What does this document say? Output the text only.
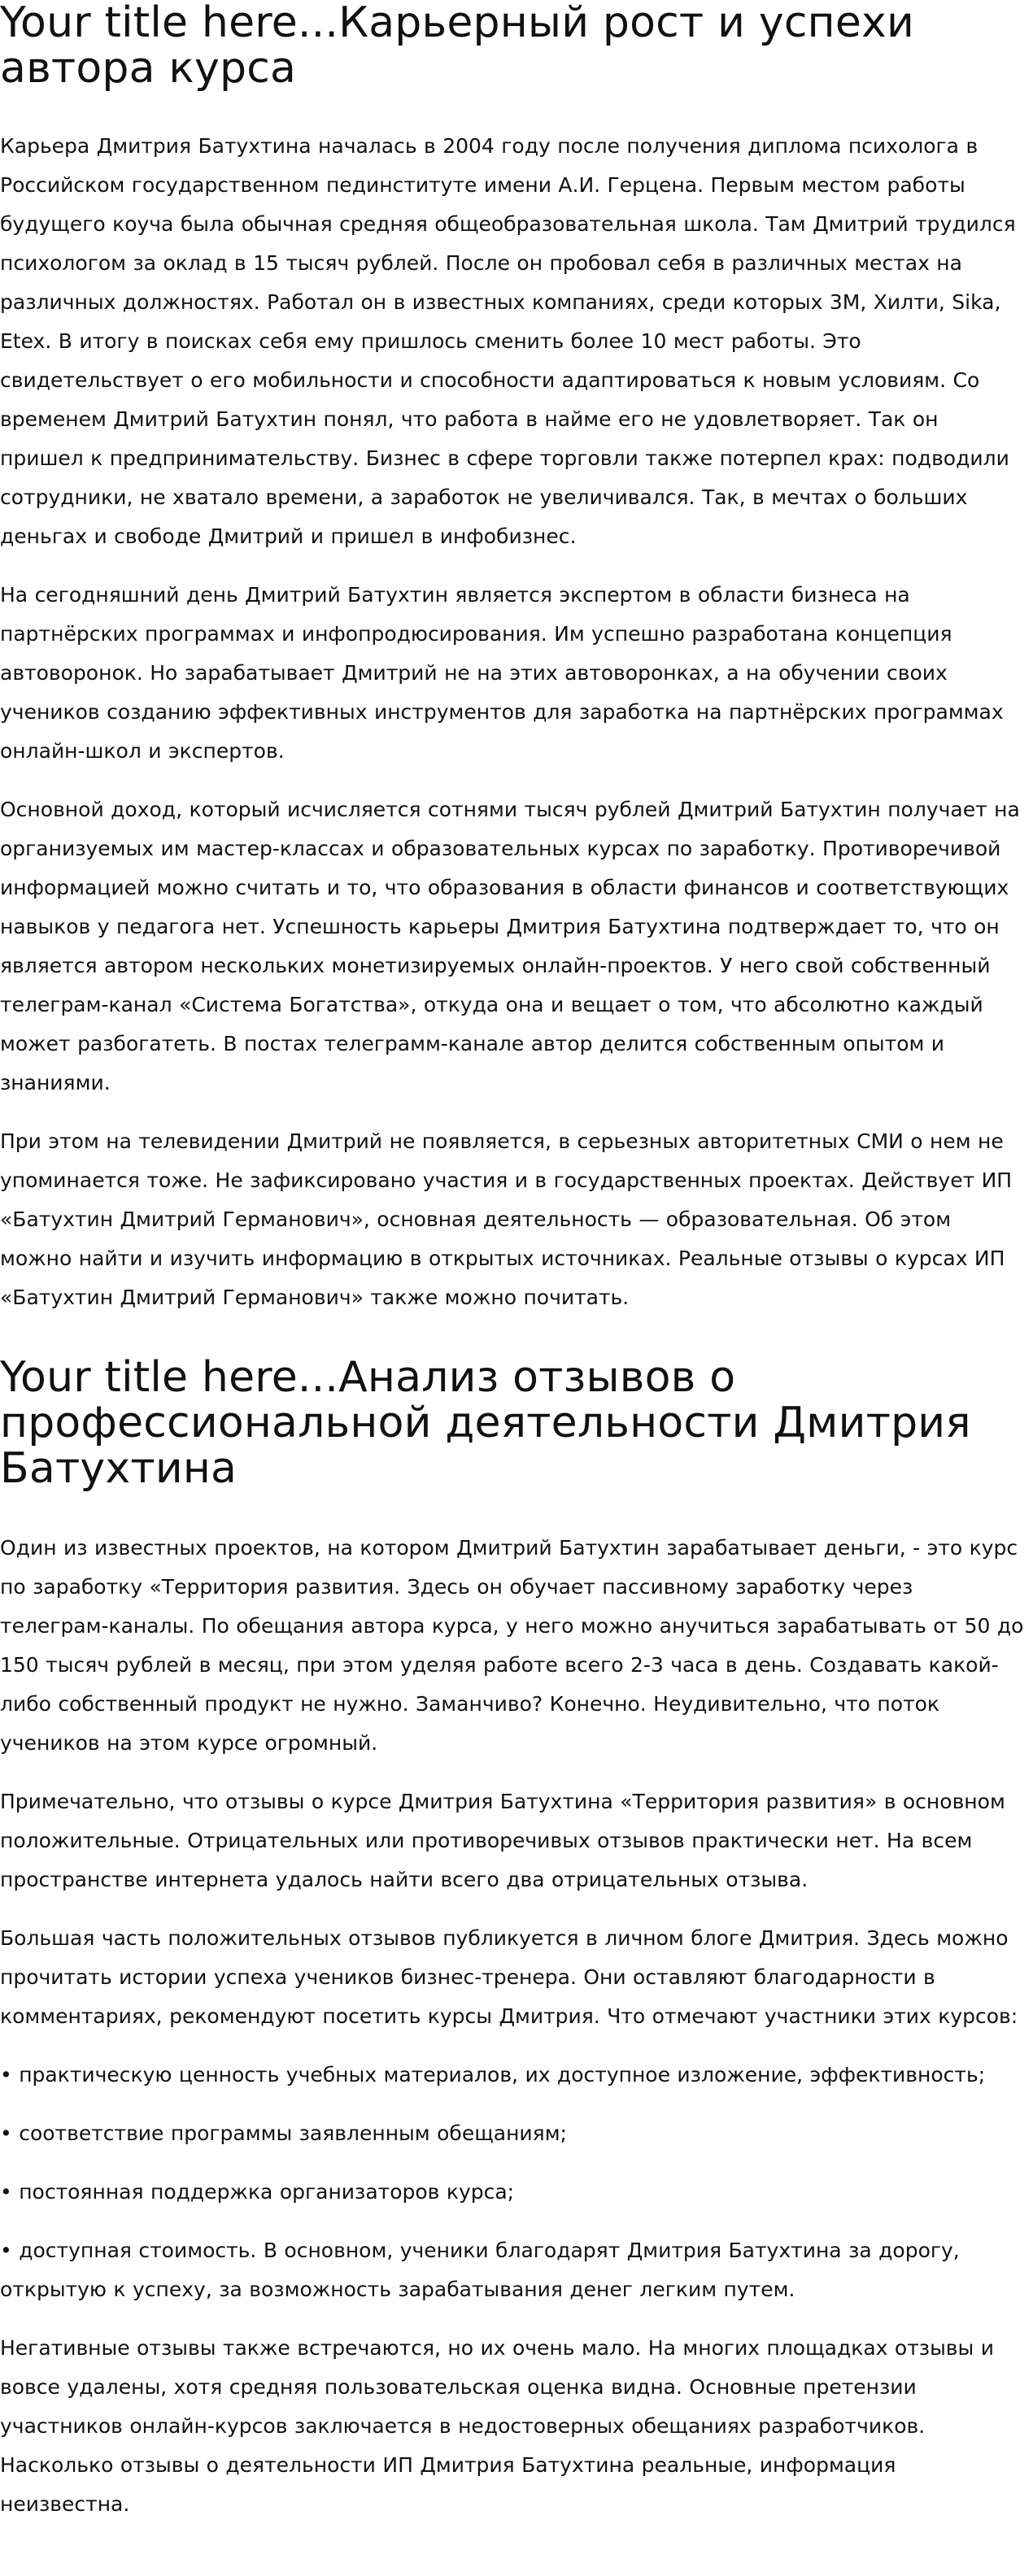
Your title here...Карьерный рост и успехи автора курса

Карьера Дмитрия Батухтина началась в 2004 году после получения диплома психолога в Российском государственном пединституте имени А.И. Герцена. Первым местом работы будущего коуча была обычная средняя общеобразовательная школа. Там Дмитрий трудился психологом за оклад в 15 тысяч рублей. После он пробовал себя в различных местах на различных должностях. Работал он в известных компаниях, среди которых 3М, Хилти, Sika, Etex. В итогу в поисках себя ему пришлось сменить более 10 мест работы. Это свидетельствует о его мобильности и способности адаптироваться к новым условиям. Со временем Дмитрий Батухтин понял, что работа в найме его не удовлетворяет. Так он пришел к предпринимательству. Бизнес в сфере торговли также потерпел крах: подводили сотрудники, не хватало времени, а заработок не увеличивался. Так, в мечтах о больших деньгах и свободе Дмитрий и пришел в инфобизнес.

На сегодняшний день Дмитрий Батухтин является экспертом в области бизнеса на партнёрских программах и инфопродюсирования. Им успешно разработана концепция автоворонок. Но зарабатывает Дмитрий не на этих автоворонках, а на обучении своих учеников созданию эффективных инструментов для заработка на партнёрских программах онлайн-школ и экспертов.

Основной доход, который исчисляется сотнями тысяч рублей Дмитрий Батухтин получает на организуемых им мастер-классах и образовательных курсах по заработку. Противоречивой информацией можно считать и то, что образования в области финансов и соответствующих навыков у педагога нет. Успешность карьеры Дмитрия Батухтина подтверждает то, что он является автором нескольких монетизируемых онлайн-проектов. У него свой собственный телеграм-канал «Система Богатства», откуда она и вещает о том, что абсолютно каждый может разбогатеть. В постах телеграмм-канале автор делится собственным опытом и знаниями.

При этом на телевидении Дмитрий не появляется, в серьезных авторитетных СМИ о нем не упоминается тоже. Не зафиксировано участия и в государственных проектах. Действует ИП «Батухтин Дмитрий Германович», основная деятельность — образовательная. Об этом можно найти и изучить информацию в открытых источниках. Реальные отзывы о курсах ИП «Батухтин Дмитрий Германович» также можно почитать.

Your title here...Анализ отзывов о профессиональной деятельности Дмитрия Батухтина

Один из известных проектов, на котором Дмитрий Батухтин зарабатывает деньги, - это курс по заработку «Территория развития. Здесь он обучает пассивному заработку через телеграм-каналы. По обещания автора курса, у него можно анучиться зарабатывать от 50 до 150 тысяч рублей в месяц, при этом уделяя работе всего 2-3 часа в день. Создавать какой-либо собственный продукт не нужно. Заманчиво? Конечно. Неудивительно, что поток учеников на этом курсе огромный.

Примечательно, что отзывы о курсе Дмитрия Батухтина «Территория развития» в основном положительные. Отрицательных или противоречивых отзывов практически нет. На всем пространстве интернета удалось найти всего два отрицательных отзыва.

Большая часть положительных отзывов публикуется в личном блоге Дмитрия. Здесь можно прочитать истории успеха учеников бизнес-тренера. Они оставляют благодарности в комментариях, рекомендуют посетить курсы Дмитрия. Что отмечают участники этих курсов:

• практическую ценность учебных материалов, их доступное изложение, эффективность;

• соответствие программы заявленным обещаниям;

• постоянная поддержка организаторов курса;

• доступная стоимость. В основном, ученики благодарят Дмитрия Батухтина за дорогу, открытую к успеху, за возможность зарабатывания денег легким путем.

Негативные отзывы также встречаются, но их очень мало. На многих площадках отзывы и вовсе удалены, хотя средняя пользовательская оценка видна. Основные претензии участников онлайн-курсов заключается в недостоверных обещаниях разработчиков. Насколько отзывы о деятельности ИП Дмитрия Батухтина реальные, информация неизвестна.
